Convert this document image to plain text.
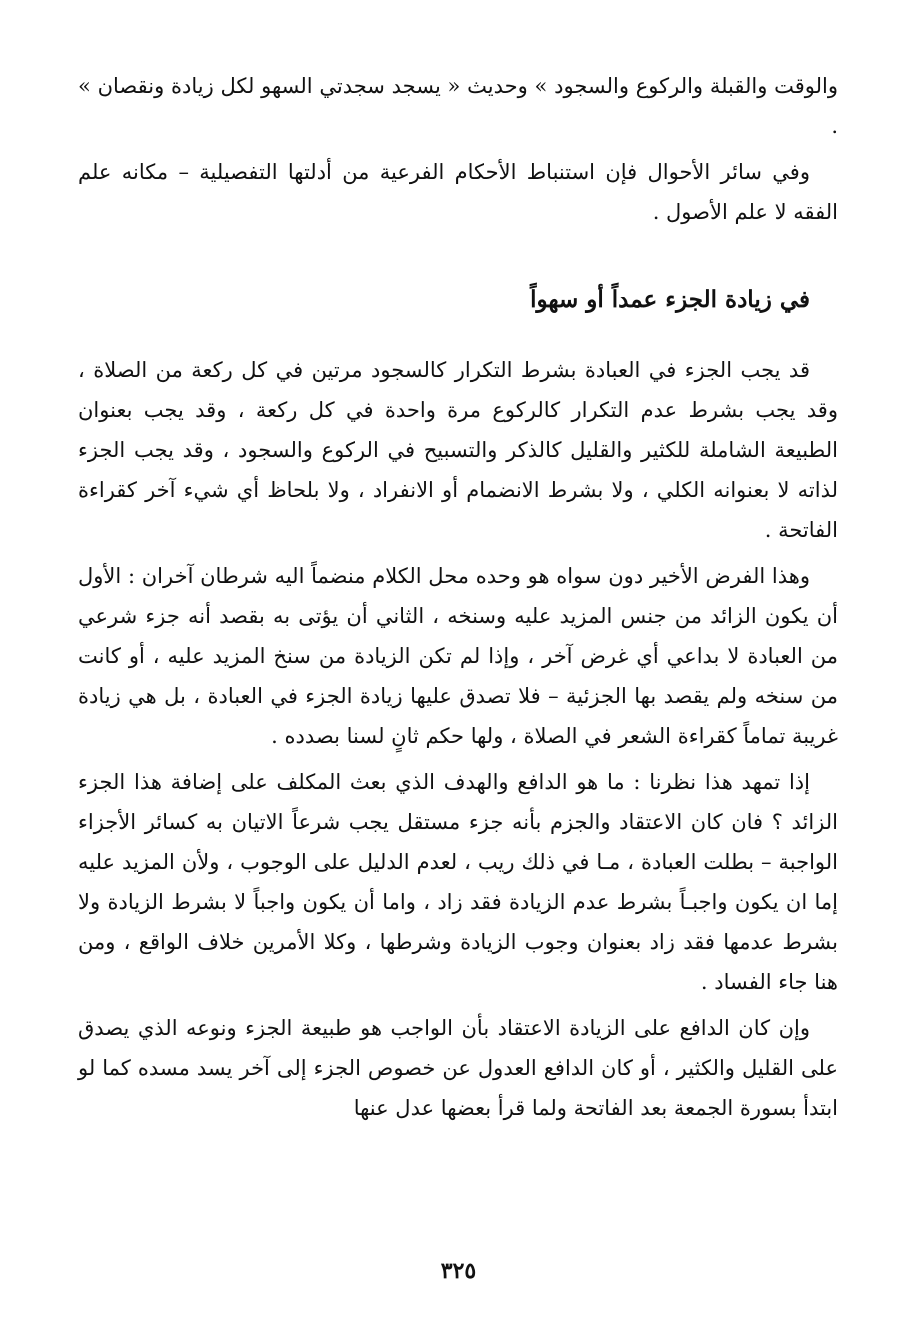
والوقت والقبلة والركوع والسجود » وحديث « يسجد سجدتي السهو لكل زيادة ونقصان » .

وفي سائر الأحوال فإن استنباط الأحكام الفرعية من أدلتها التفصيلية – مكانه علم الفقه لا علم الأصول .

في زيادة الجزء عمداً أو سهواً

قد يجب الجزء في العبادة بشرط التكرار كالسجود مرتين في كل ركعة من الصلاة ، وقد يجب بشرط عدم التكرار كالركوع مرة واحدة في كل ركعة ، وقد يجب بعنوان الطبيعة الشاملة للكثير والقليل كالذكر والتسبيح في الركوع والسجود ، وقد يجب الجزء لذاته لا بعنوانه الكلي ، ولا بشرط الانضمام أو الانفراد ، ولا بلحاظ أي شيء آخر كقراءة الفاتحة .

وهذا الفرض الأخير دون سواه هو وحده محل الكلام منضماً اليه شرطان آخران : الأول أن يكون الزائد من جنس المزيد عليه وسنخه ، الثاني أن يؤتى به بقصد أنه جزء شرعي من العبادة لا بداعي أي غرض آخر ، وإذا لم تكن الزيادة من سنخ المزيد عليه ، أو كانت من سنخه ولم يقصد بها الجزئية – فلا تصدق عليها زيادة الجزء في العبادة ، بل هي زيادة غريبة تماماً كقراءة الشعر في الصلاة ، ولها حكم ثانٍ لسنا بصدده .

إذا تمهد هذا نظرنا : ما هو الدافع والهدف الذي بعث المكلف على إضافة هذا الجزء الزائد ؟ فان كان الاعتقاد والجزم بأنه جزء مستقل يجب شرعاً الاتيان به كسائر الأجزاء الواجبة – بطلت العبادة ، مـا في ذلك ريب ، لعدم الدليل على الوجوب ، ولأن المزيد عليه إما ان يكون واجبـاً بشرط عدم الزيادة فقد زاد ، واما أن يكون واجباً لا بشرط الزيادة ولا بشرط عدمها فقد زاد بعنوان وجوب الزيادة وشرطها ، وكلا الأمرين خلاف الواقع ، ومن هنا جاء الفساد .

وإن كان الدافع على الزيادة الاعتقاد بأن الواجب هو طبيعة الجزء ونوعه الذي يصدق على القليل والكثير ، أو كان الدافع العدول عن خصوص الجزء إلى آخر يسد مسده كما لو ابتدأ بسورة الجمعة بعد الفاتحة ولما قرأ بعضها عدل عنها

٣٢٥
